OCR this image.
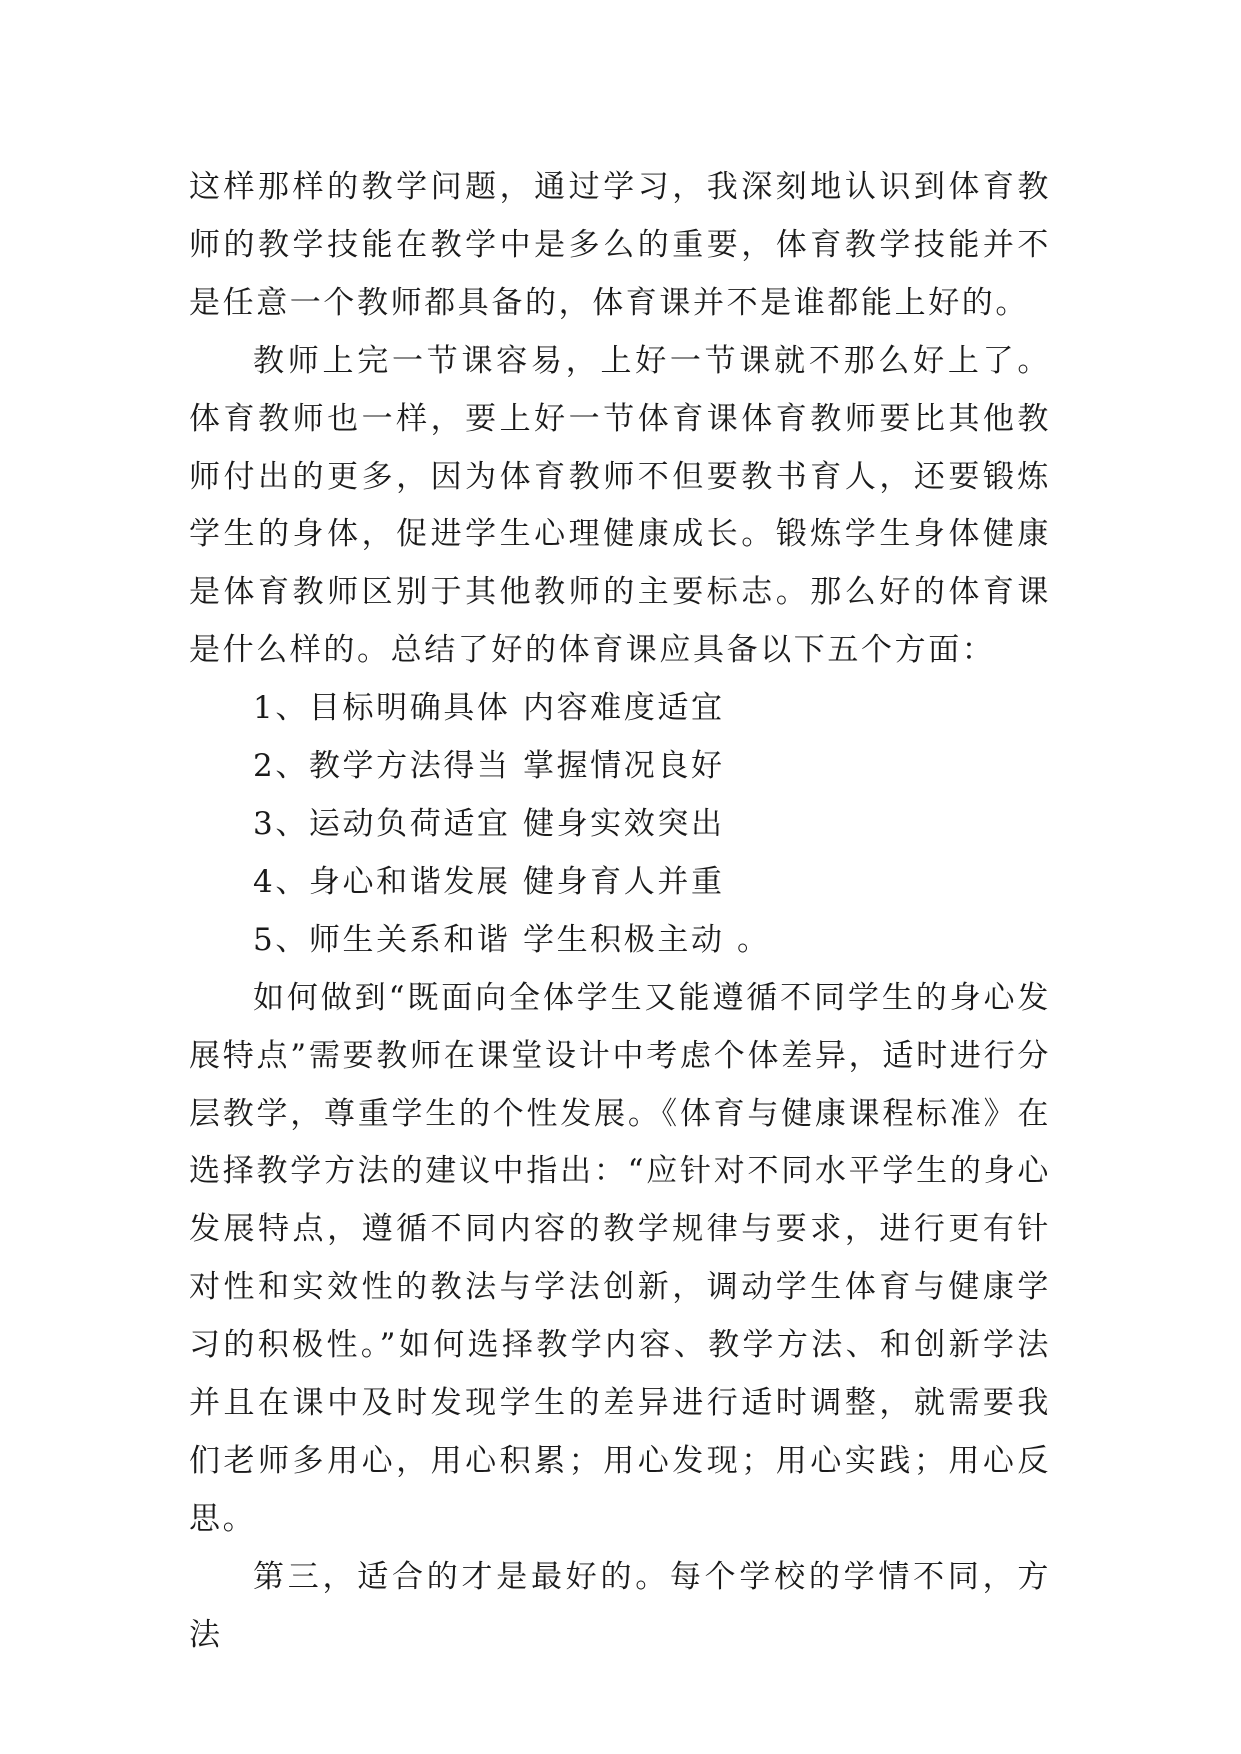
这样那样的教学问题，通过学习，我深刻地认识到体育教师的教学技能在教学中是多么的重要，体育教学技能并不是任意一个教师都具备的，体育课并不是谁都能上好的。

教师上完一节课容易，上好一节课就不那么好上了。体育教师也一样，要上好一节体育课体育教师要比其他教师付出的更多，因为体育教师不但要教书育人，还要锻炼学生的身体，促进学生心理健康成长。锻炼学生身体健康是体育教师区别于其他教师的主要标志。那么好的体育课是什么样的。总结了好的体育课应具备以下五个方面：

1、目标明确具体 内容难度适宜

2、教学方法得当 掌握情况良好

3、运动负荷适宜 健身实效突出

4、身心和谐发展 健身育人并重

5、师生关系和谐 学生积极主动 。

如何做到“既面向全体学生又能遵循不同学生的身心发展特点”需要教师在课堂设计中考虑个体差异，适时进行分层教学，尊重学生的个性发展。《体育与健康课程标准》在选择教学方法的建议中指出：“应针对不同水平学生的身心发展特点，遵循不同内容的教学规律与要求，进行更有针对性和实效性的教法与学法创新，调动学生体育与健康学习的积极性。”如何选择教学内容、教学方法、和创新学法并且在课中及时发现学生的差异进行适时调整，就需要我们老师多用心，用心积累；用心发现；用心实践；用心反思。

第三，适合的才是最好的。每个学校的学情不同，方法
